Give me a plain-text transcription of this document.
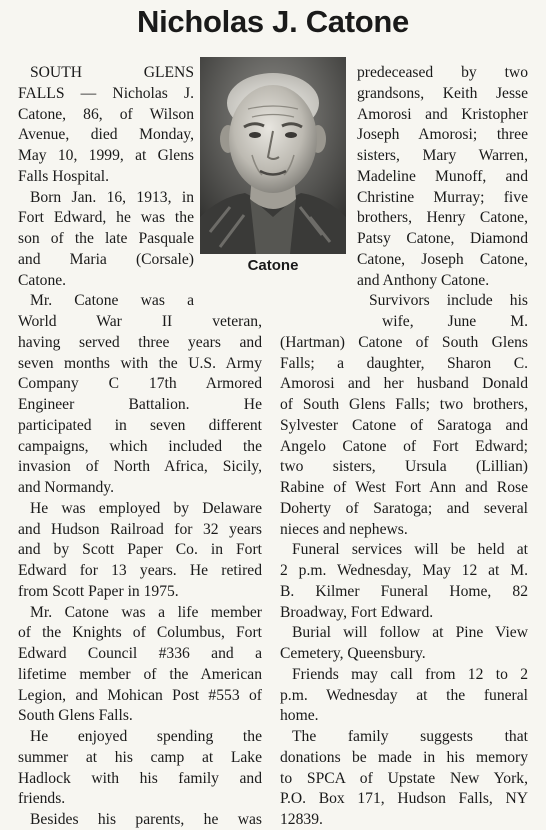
Nicholas J. Catone
Catone
SOUTH GLENS
FALLS — Nicholas J.
Catone, 86, of Wilson
Avenue, died Monday,
May 10, 1999, at Glens
Falls Hospital.
Born Jan. 16, 1913, in
Fort Edward, he was the
son of the late Pasquale
and Maria (Corsale)
Catone.
Mr. Catone was a
World War II veteran,
having served three years and
seven months with the U.S. Army
Company C 17th Armored
Engineer Battalion. He
participated in seven different
campaigns, which included the
invasion of North Africa, Sicily,
and Normandy.
He was employed by Delaware
and Hudson Railroad for 32 years
and by Scott Paper Co. in Fort
Edward for 13 years. He retired
from Scott Paper in 1975.
Mr. Catone was a life member
of the Knights of Columbus, Fort
Edward Council #336 and a
lifetime member of the American
Legion, and Mohican Post #553 of
South Glens Falls.
He enjoyed spending the
summer at his camp at Lake
Hadlock with his family and
friends.
Besides his parents, he was
predeceased by two
grandsons, Keith Jesse
Amorosi and Kristopher
Joseph Amorosi; three
sisters, Mary Warren,
Madeline Munoff, and
Christine Murray; five
brothers, Henry Catone,
Patsy Catone, Diamond
Catone, Joseph Catone,
and Anthony Catone.
Survivors include his
wife, June M.
(Hartman) Catone of South Glens
Falls; a daughter, Sharon C.
Amorosi and her husband Donald
of South Glens Falls; two brothers,
Sylvester Catone of Saratoga and
Angelo Catone of Fort Edward;
two sisters, Ursula (Lillian)
Rabine of West Fort Ann and Rose
Doherty of Saratoga; and several
nieces and nephews.
Funeral services will be held at
2 p.m. Wednesday, May 12 at M.
B. Kilmer Funeral Home, 82
Broadway, Fort Edward.
Burial will follow at Pine View
Cemetery, Queensbury.
Friends may call from 12 to 2
p.m. Wednesday at the funeral
home.
The family suggests that
donations be made in his memory
to SPCA of Upstate New York,
P.O. Box 171, Hudson Falls, NY
12839.
